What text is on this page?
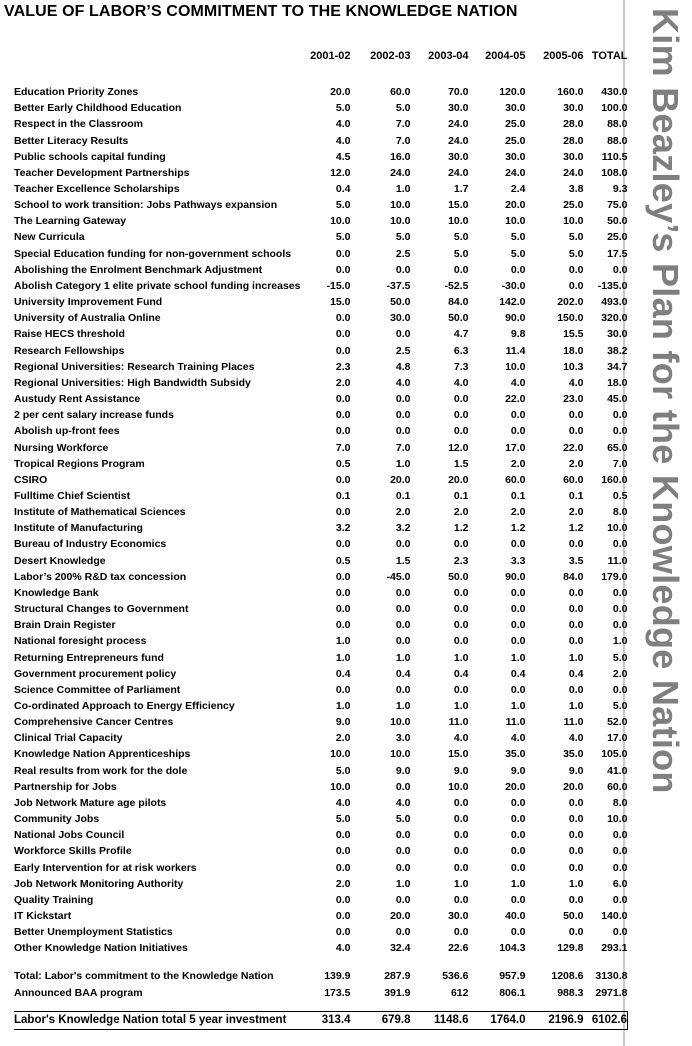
VALUE OF LABOR’S COMMITMENT TO THE KNOWLEDGE NATION	Kim Beazley’s Plan for the Knowledge Nation
	2001-02	2002-03	2003-04	2004-05	2005-06	TOTAL

Education Priority Zones	20.0	60.0	70.0	120.0	160.0	430.0
Better Early Childhood Education	5.0	5.0	30.0	30.0	30.0	100.0
Respect in the Classroom	4.0	7.0	24.0	25.0	28.0	88.0
Better Literacy Results	4.0	7.0	24.0	25.0	28.0	88.0
Public schools capital funding	4.5	16.0	30.0	30.0	30.0	110.5
Teacher Development Partnerships	12.0	24.0	24.0	24.0	24.0	108.0
Teacher Excellence Scholarships	0.4	1.0	1.7	2.4	3.8	9.3
School to work transition: Jobs Pathways expansion	5.0	10.0	15.0	20.0	25.0	75.0
The Learning Gateway	10.0	10.0	10.0	10.0	10.0	50.0
New Curricula	5.0	5.0	5.0	5.0	5.0	25.0
Special Education funding for non-government schools	0.0	2.5	5.0	5.0	5.0	17.5
Abolishing the Enrolment Benchmark Adjustment	0.0	0.0	0.0	0.0	0.0	0.0
Abolish Category 1 elite private school funding increases	-15.0	-37.5	-52.5	-30.0	0.0	-135.0
University Improvement Fund	15.0	50.0	84.0	142.0	202.0	493.0
University of Australia Online	0.0	30.0	50.0	90.0	150.0	320.0
Raise HECS threshold	0.0	0.0	4.7	9.8	15.5	30.0
Research Fellowships	0.0	2.5	6.3	11.4	18.0	38.2
Regional Universities: Research Training Places	2.3	4.8	7.3	10.0	10.3	34.7
Regional Universities: High Bandwidth Subsidy	2.0	4.0	4.0	4.0	4.0	18.0
Austudy Rent Assistance	0.0	0.0	0.0	22.0	23.0	45.0
2 per cent salary increase funds	0.0	0.0	0.0	0.0	0.0	0.0
Abolish up-front fees	0.0	0.0	0.0	0.0	0.0	0.0
Nursing Workforce	7.0	7.0	12.0	17.0	22.0	65.0
Tropical Regions Program	0.5	1.0	1.5	2.0	2.0	7.0
CSIRO	0.0	20.0	20.0	60.0	60.0	160.0
Fulltime Chief Scientist	0.1	0.1	0.1	0.1	0.1	0.5
Institute of Mathematical Sciences	0.0	2.0	2.0	2.0	2.0	8.0
Institute of Manufacturing	3.2	3.2	1.2	1.2	1.2	10.0
Bureau of Industry Economics	0.0	0.0	0.0	0.0	0.0	0.0
Desert Knowledge	0.5	1.5	2.3	3.3	3.5	11.0
Labor’s 200% R&D tax concession	0.0	-45.0	50.0	90.0	84.0	179.0
Knowledge Bank	0.0	0.0	0.0	0.0	0.0	0.0
Structural Changes to Government	0.0	0.0	0.0	0.0	0.0	0.0
Brain Drain Register	0.0	0.0	0.0	0.0	0.0	0.0
National foresight process	1.0	0.0	0.0	0.0	0.0	1.0
Returning Entrepreneurs fund	1.0	1.0	1.0	1.0	1.0	5.0
Government procurement policy	0.4	0.4	0.4	0.4	0.4	2.0
Science Committee of Parliament	0.0	0.0	0.0	0.0	0.0	0.0
Co-ordinated Approach to Energy Efficiency	1.0	1.0	1.0	1.0	1.0	5.0
Comprehensive Cancer Centres	9.0	10.0	11.0	11.0	11.0	52.0
Clinical Trial Capacity	2.0	3.0	4.0	4.0	4.0	17.0
Knowledge Nation Apprenticeships	10.0	10.0	15.0	35.0	35.0	105.0
Real results from work for the dole	5.0	9.0	9.0	9.0	9.0	41.0
Partnership for Jobs	10.0	0.0	10.0	20.0	20.0	60.0
Job Network Mature age pilots	4.0	4.0	0.0	0.0	0.0	8.0
Community Jobs	5.0	5.0	0.0	0.0	0.0	10.0
National Jobs Council	0.0	0.0	0.0	0.0	0.0	0.0
Workforce Skills Profile	0.0	0.0	0.0	0.0	0.0	0.0
Early Intervention for at risk workers	0.0	0.0	0.0	0.0	0.0	0.0
Job Network Monitoring Authority	2.0	1.0	1.0	1.0	1.0	6.0
Quality Training	0.0	0.0	0.0	0.0	0.0	0.0
IT Kickstart	0.0	20.0	30.0	40.0	50.0	140.0
Better Unemployment Statistics	0.0	0.0	0.0	0.0	0.0	0.0
Other Knowledge Nation Initiatives	4.0	32.4	22.6	104.3	129.8	293.1

Total: Labor's commitment to the Knowledge Nation	139.9	287.9	536.6	957.9	1208.6	3130.8
Announced BAA program	173.5	391.9	612	806.1	988.3	2971.8

Labor's Knowledge Nation total 5 year investment	313.4	679.8	1148.6	1764.0	2196.9	6102.6
